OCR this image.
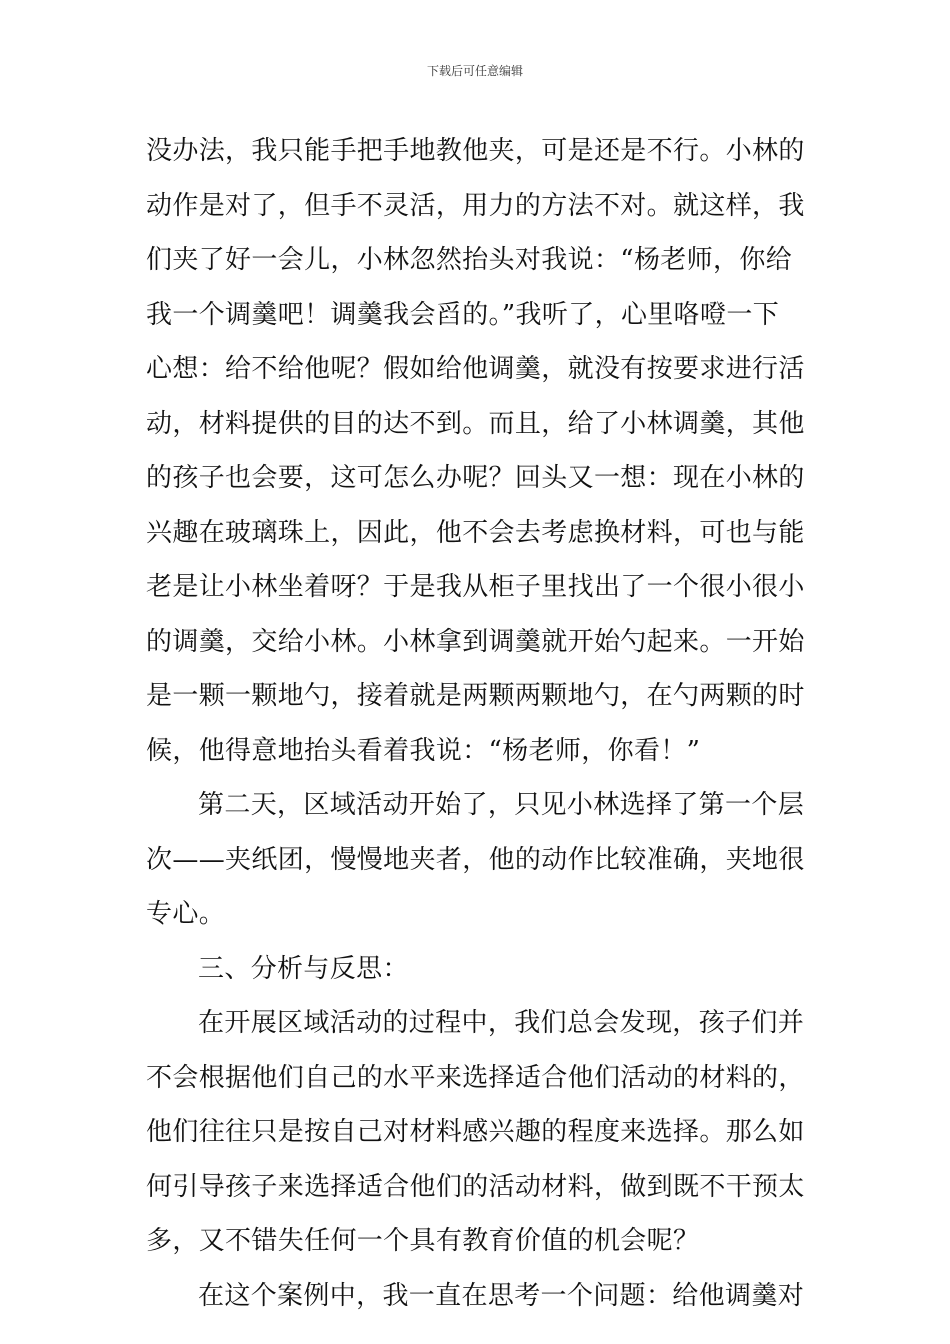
下载后可任意编辑
没办法，我只能手把手地教他夹，可是还是不行。小林的
动作是对了，但手不灵活，用力的方法不对。就这样，我
们夹了好一会儿，小林忽然抬头对我说：“杨老师，你给
我一个调羹吧！调羹我会舀的。”我听了，心里咯噔一下
心想：给不给他呢？假如给他调羹，就没有按要求进行活
动，材料提供的目的达不到。而且，给了小林调羹，其他
的孩子也会要，这可怎么办呢？回头又一想：现在小林的
兴趣在玻璃珠上，因此，他不会去考虑换材料，可也与能
老是让小林坐着呀？于是我从柜子里找出了一个很小很小
的调羹，交给小林。小林拿到调羹就开始勺起来。一开始
是一颗一颗地勺，接着就是两颗两颗地勺，在勺两颗的时
候，他得意地抬头看着我说：“杨老师，你看！”
第二天，区域活动开始了，只见小林选择了第一个层
次——夹纸团，慢慢地夹者，他的动作比较准确，夹地很
专心。
三、分析与反思：
在开展区域活动的过程中，我们总会发现，孩子们并
不会根据他们自己的水平来选择适合他们活动的材料的，
他们往往只是按自己对材料感兴趣的程度来选择。那么如
何引导孩子来选择适合他们的活动材料，做到既不干预太
多，又不错失任何一个具有教育价值的机会呢？
在这个案例中，我一直在思考一个问题：给他调羹对
